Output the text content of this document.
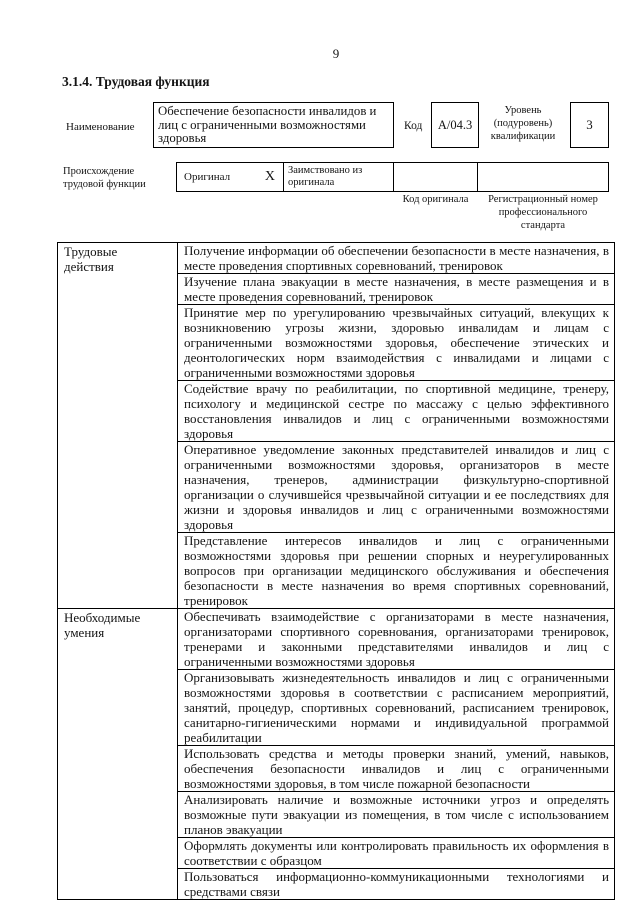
9
3.1.4. Трудовая функция
Наименование
Обеспечение безопасности инвалидов и лиц с ограниченными возможностями здоровья
Код А/04.3
Уровень (подуровень) квалификации
3
Происхождение трудовой функции
Оригинал X	Заимствовано из оригинала
Код оригинала	Регистрационный номер профессионального стандарта
Трудовые действия	Получение информации об обеспечении безопасности в месте назначения, в месте проведения спортивных соревнований, тренировок
	Изучение плана эвакуации в месте назначения, в месте размещения и в месте проведения соревнований, тренировок
	Принятие мер по урегулированию чрезвычайных ситуаций, влекущих к возникновению угрозы жизни, здоровью инвалидам и лицам с ограниченными возможностями здоровья, обеспечение этических и деонтологических норм взаимодействия с инвалидами и лицами с ограниченными возможностями здоровья
	Содействие врачу по реабилитации, по спортивной медицине, тренеру, психологу и медицинской сестре по массажу с целью эффективного восстановления инвалидов и лиц с ограниченными возможностями здоровья
	Оперативное уведомление законных представителей инвалидов и лиц с ограниченными возможностями здоровья, организаторов в месте назначения, тренеров, администрации физкультурно-спортивной организации о случившейся чрезвычайной ситуации и ее последствиях для жизни и здоровья инвалидов и лиц с ограниченными возможностями здоровья
	Представление интересов инвалидов и лиц с ограниченными возможностями здоровья при решении спорных и неурегулированных вопросов при организации медицинского обслуживания и обеспечения безопасности в месте назначения во время спортивных соревнований, тренировок

Необходимые умения	Обеспечивать взаимодействие с организаторами в месте назначения, организаторами спортивного соревнования, организаторами тренировок, тренерами и законными представителями инвалидов и лиц с ограниченными возможностями здоровья
	Организовывать жизнедеятельность инвалидов и лиц с ограниченными возможностями здоровья в соответствии с расписанием мероприятий, занятий, процедур, спортивных соревнований, расписанием тренировок, санитарно-гигиеническими нормами и индивидуальной программой реабилитации
	Использовать средства и методы проверки знаний, умений, навыков, обеспечения безопасности инвалидов и лиц с ограниченными возможностями здоровья, в том числе пожарной безопасности
	Анализировать наличие и возможные источники угроз и определять возможные пути эвакуации из помещения, в том числе с использованием планов эвакуации
	Оформлять документы или контролировать правильность их оформления в соответствии с образцом
	Пользоваться информационно-коммуникационными технологиями и средствами связи
